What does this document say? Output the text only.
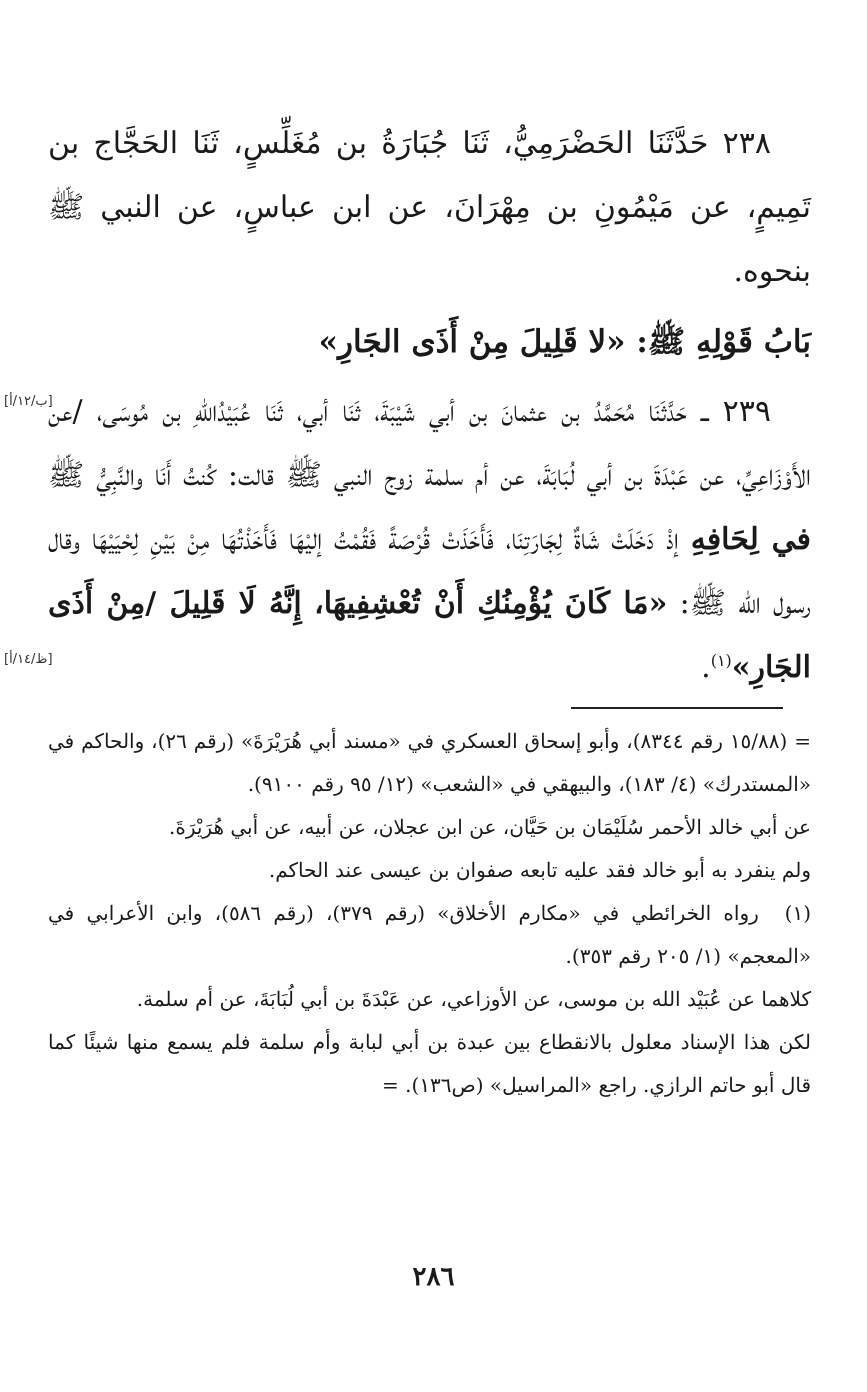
٢٣٨ حَدَّثَنَا الحَضْرَمِيُّ، ثَنَا جُبَارَةُ بن مُغَلِّسٍ، ثَنَا الحَجَّاج بن تَمِيمٍ، عن مَيْمُونِ بن مِهْرَانَ، عن ابن عباسٍ، عن النبي ﷺ بنحوه.

بَابُ قَوْلِهِ ﷺ: «لا قَلِيلَ مِنْ أَذَى الجَارِ»

٢٣٩ ــ حَدَّثَنَا مُحَمَّدُ بن عثمانَ بن أبي شَيْبَةَ، ثَنَا أبي، ثَنَا عُبَيْدُاللهِ بن مُوسَى، /عن الأَوْزَاعِيِّ، عن عَبْدَةَ بن أبي لُبَابَةَ، عن أم سلمة زوج النبي ﷺ قالت: كُنتُ أَنَا والنَّبِيُّ ﷺ في لِحَافِهِ إذْ دَخَلَتْ شَاةٌ لِجَارَتِنَا، فَأَخَذَتْ قُرْصَةً فَقُمْتُ إليْهَا فَأَخَذْتُهَا مِنْ بَيْنِ لِحْيَيْهَا وقال رسول الله ﷺ: «مَا كَانَ يُؤْمِنُكِ أَنْ تُعْشِفِيهَا، إِنَّهُ لَا قَلِيلَ /مِنْ أَذَى الجَارِ»$^{(١)}$.

[ب/١٢/أ]
[ظ/١٤/أ]

= (١٥/٨٨ رقم ٨٣٤٤)، وأبو إسحاق العسكري في «مسند أبي هُرَيْرَةَ» (رقم ٢٦)، والحاكم في «المستدرك» (٤/ ١٨٣)، والبيهقي في «الشعب» (١٢/ ٩٥ رقم ٩١٠٠).

عن أبي خالد الأحمر سُلَيْمَان بن حَيَّان، عن ابن عجلان، عن أبيه، عن أبي هُرَيْرَةَ.

ولم ينفرد به أبو خالد فقد عليه تابعه صفوان بن عيسى عند الحاكم.

(١) رواه الخرائطي في «مكارم الأخلاق» (رقم ٣٧٩)، (رقم ٥٨٦)، وابن الأعرابي في «المعجم» (١/ ٢٠٥ رقم ٣٥٣).

كلاهما عن عُبَيْد الله بن موسى، عن الأوزاعي، عن عَبْدَةَ بن أبي لُبَابَةَ، عن أم سلمة.

لكن هذا الإسناد معلول بالانقطاع بين عبدة بن أبي لبابة وأم سلمة فلم يسمع منها شيئًا كما قال أبو حاتم الرازي. راجع «المراسيل» (ص١٣٦). =

٢٨٦
